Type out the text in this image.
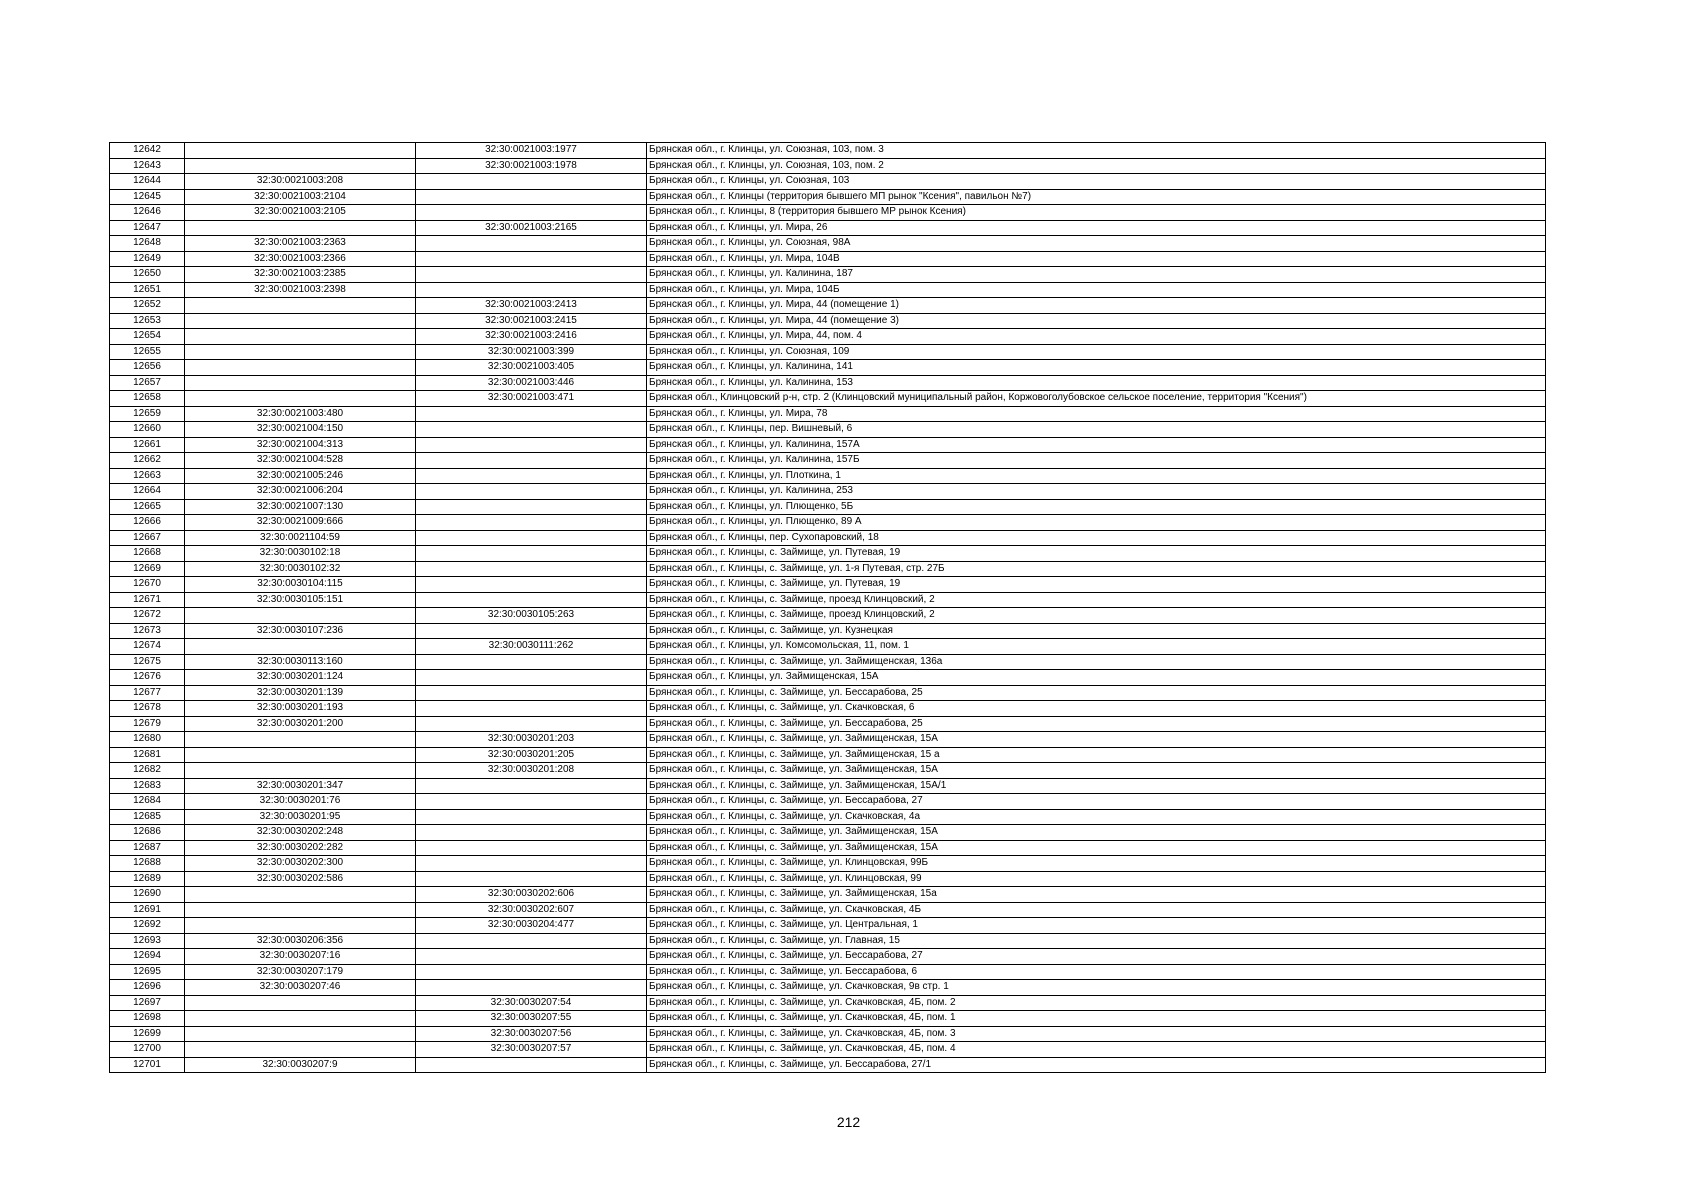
12642		32:30:0021003:1977	Брянская обл., г. Клинцы, ул. Союзная, 103, пом. 3
12643		32:30:0021003:1978	Брянская обл., г. Клинцы, ул. Союзная, 103, пом. 2
12644	32:30:0021003:208		Брянская обл., г. Клинцы, ул. Союзная, 103
12645	32:30:0021003:2104		Брянская обл., г. Клинцы (территория бывшего МП рынок "Ксения", павильон №7)
12646	32:30:0021003:2105		Брянская обл., г. Клинцы, 8 (территория бывшего МР рынок Ксения)
12647		32:30:0021003:2165	Брянская обл., г. Клинцы, ул. Мира, 26
12648	32:30:0021003:2363		Брянская обл., г. Клинцы, ул. Союзная, 98А
12649	32:30:0021003:2366		Брянская обл., г. Клинцы, ул. Мира, 104В
12650	32:30:0021003:2385		Брянская обл., г. Клинцы, ул. Калинина, 187
12651	32:30:0021003:2398		Брянская обл., г. Клинцы, ул. Мира, 104Б
12652		32:30:0021003:2413	Брянская обл., г. Клинцы, ул. Мира, 44 (помещение 1)
12653		32:30:0021003:2415	Брянская обл., г. Клинцы, ул. Мира, 44 (помещение 3)
12654		32:30:0021003:2416	Брянская обл., г. Клинцы, ул. Мира, 44, пом. 4
12655		32:30:0021003:399	Брянская обл., г. Клинцы, ул. Союзная, 109
12656		32:30:0021003:405	Брянская обл., г. Клинцы, ул. Калинина, 141
12657		32:30:0021003:446	Брянская обл., г. Клинцы, ул. Калинина, 153
12658		32:30:0021003:471	Брянская обл., Клинцовский р-н, стр. 2 (Клинцовский муниципальный район, Коржовоголубовское сельское поселение, территория "Ксения")
12659	32:30:0021003:480		Брянская обл., г. Клинцы, ул. Мира, 78
12660	32:30:0021004:150		Брянская обл., г. Клинцы, пер. Вишневый, 6
12661	32:30:0021004:313		Брянская обл., г. Клинцы, ул. Калинина, 157А
12662	32:30:0021004:528		Брянская обл., г. Клинцы, ул. Калинина, 157Б
12663	32:30:0021005:246		Брянская обл., г. Клинцы, ул. Плоткина, 1
12664	32:30:0021006:204		Брянская обл., г. Клинцы, ул. Калинина, 253
12665	32:30:0021007:130		Брянская обл., г. Клинцы, ул. Плющенко, 5Б
12666	32:30:0021009:666		Брянская обл., г. Клинцы, ул. Плющенко, 89 А
12667	32:30:0021104:59		Брянская обл., г. Клинцы, пер. Сухопаровский, 18
12668	32:30:0030102:18		Брянская обл., г. Клинцы, с. Займище, ул. Путевая, 19
12669	32:30:0030102:32		Брянская обл., г. Клинцы, с. Займище, ул. 1-я Путевая, стр. 27Б
12670	32:30:0030104:115		Брянская обл., г. Клинцы, с. Займище, ул. Путевая, 19
12671	32:30:0030105:151		Брянская обл., г. Клинцы, с. Займище, проезд Клинцовский, 2
12672		32:30:0030105:263	Брянская обл., г. Клинцы, с. Займище, проезд Клинцовский, 2
12673	32:30:0030107:236		Брянская обл., г. Клинцы, с. Займище, ул. Кузнецкая
12674		32:30:0030111:262	Брянская обл., г. Клинцы, ул. Комсомольская, 11, пом. 1
12675	32:30:0030113:160		Брянская обл., г. Клинцы, с. Займище, ул. Займищенская, 136а
12676	32:30:0030201:124		Брянская обл., г. Клинцы, ул. Займищенская, 15А
12677	32:30:0030201:139		Брянская обл., г. Клинцы, с. Займище, ул. Бессарабова, 25
12678	32:30:0030201:193		Брянская обл., г. Клинцы, с. Займище, ул. Скачковская, 6
12679	32:30:0030201:200		Брянская обл., г. Клинцы, с. Займище, ул. Бессарабова, 25
12680		32:30:0030201:203	Брянская обл., г. Клинцы, с. Займище, ул. Займищенская, 15А
12681		32:30:0030201:205	Брянская обл., г. Клинцы, с. Займище, ул. Займищенская, 15 а
12682		32:30:0030201:208	Брянская обл., г. Клинцы, с. Займище, ул. Займищенская, 15А
12683	32:30:0030201:347		Брянская обл., г. Клинцы, с. Займище, ул. Займищенская, 15А/1
12684	32:30:0030201:76		Брянская обл., г. Клинцы, с. Займище, ул. Бессарабова, 27
12685	32:30:0030201:95		Брянская обл., г. Клинцы, с. Займище, ул. Скачковская, 4а
12686	32:30:0030202:248		Брянская обл., г. Клинцы, с. Займище, ул. Займищенская, 15А
12687	32:30:0030202:282		Брянская обл., г. Клинцы, с. Займище, ул. Займищенская, 15А
12688	32:30:0030202:300		Брянская обл., г. Клинцы, с. Займище, ул. Клинцовская, 99Б
12689	32:30:0030202:586		Брянская обл., г. Клинцы, с. Займище, ул. Клинцовская, 99
12690		32:30:0030202:606	Брянская обл., г. Клинцы, с. Займище, ул. Займищенская, 15а
12691		32:30:0030202:607	Брянская обл., г. Клинцы, с. Займище, ул. Скачковская, 4Б
12692		32:30:0030204:477	Брянская обл., г. Клинцы, с. Займище, ул. Центральная, 1
12693	32:30:0030206:356		Брянская обл., г. Клинцы, с. Займище, ул. Главная, 15
12694	32:30:0030207:16		Брянская обл., г. Клинцы, с. Займище, ул. Бессарабова, 27
12695	32:30:0030207:179		Брянская обл., г. Клинцы, с. Займище, ул. Бессарабова, 6
12696	32:30:0030207:46		Брянская обл., г. Клинцы, с. Займище, ул. Скачковская, 9в стр. 1
12697		32:30:0030207:54	Брянская обл., г. Клинцы, с. Займище, ул. Скачковская, 4Б, пом. 2
12698		32:30:0030207:55	Брянская обл., г. Клинцы, с. Займище, ул. Скачковская, 4Б, пом. 1
12699		32:30:0030207:56	Брянская обл., г. Клинцы, с. Займище, ул. Скачковская, 4Б, пом. 3
12700		32:30:0030207:57	Брянская обл., г. Клинцы, с. Займище, ул. Скачковская, 4Б, пом. 4
12701	32:30:0030207:9		Брянская обл., г. Клинцы, с. Займище, ул. Бессарабова, 27/1
212
